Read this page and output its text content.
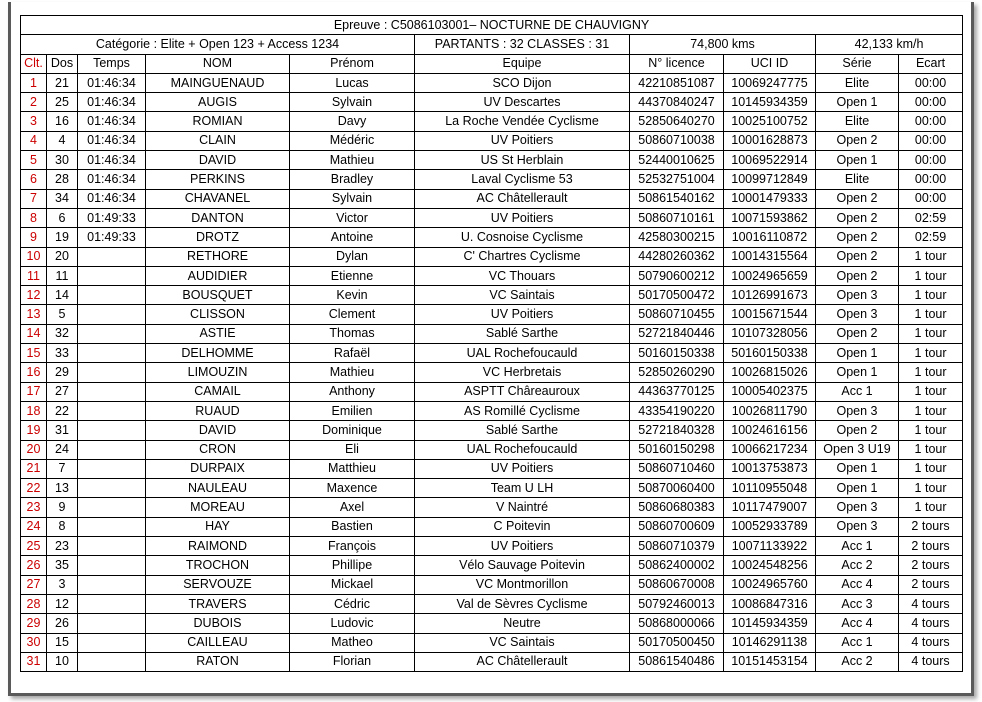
Epreuve : C5086103001– NOCTURNE DE CHAUVIGNY									
Catégorie : Elite + Open 123 + Access 1234					PARTANTS : 32 CLASSES : 31	74,800 kms		42,133 km/h	
Clt.	Dos	Temps	NOM	Prénom	Equipe	N° licence	UCI ID	Série	Ecart
1	21	01:46:34	MAINGUENAUD	Lucas	SCO Dijon	42210851087	10069247775	Elite	00:00
2	25	01:46:34	AUGIS	Sylvain	UV Descartes	44370840247	10145934359	Open 1	00:00
3	16	01:46:34	ROMIAN	Davy	La Roche Vendée Cyclisme	52850640270	10025100752	Elite	00:00
4	4	01:46:34	CLAIN	Médéric	UV Poitiers	50860710038	10001628873	Open 2	00:00
5	30	01:46:34	DAVID	Mathieu	US St Herblain	52440010625	10069522914	Open 1	00:00
6	28	01:46:34	PERKINS	Bradley	Laval Cyclisme 53	52532751004	10099712849	Elite	00:00
7	34	01:46:34	CHAVANEL	Sylvain	AC Châtellerault	50861540162	10001479333	Open 2	00:00
8	6	01:49:33	DANTON	Victor	UV Poitiers	50860710161	10071593862	Open 2	02:59
9	19	01:49:33	DROTZ	Antoine	U. Cosnoise Cyclisme	42580300215	10016110872	Open 2	02:59
10	20		RETHORE	Dylan	C' Chartres Cyclisme	44280260362	10014315564	Open 2	1 tour
11	11		AUDIDIER	Etienne	VC Thouars	50790600212	10024965659	Open 2	1 tour
12	14		BOUSQUET	Kevin	VC Saintais	50170500472	10126991673	Open 3	1 tour
13	5		CLISSON	Clement	UV Poitiers	50860710455	10015671544	Open 3	1 tour
14	32		ASTIE	Thomas	Sablé Sarthe	52721840446	10107328056	Open 2	1 tour
15	33		DELHOMME	Rafaël	UAL Rochefoucauld	50160150338	50160150338	Open 1	1 tour
16	29		LIMOUZIN	Mathieu	VC Herbretais	52850260290	10026815026	Open 1	1 tour
17	27		CAMAIL	Anthony	ASPTT Châreauroux	44363770125	10005402375	Acc 1	1 tour
18	22		RUAUD	Emilien	AS Romillé Cyclisme	43354190220	10026811790	Open 3	1 tour
19	31		DAVID	Dominique	Sablé Sarthe	52721840328	10024616156	Open 2	1 tour
20	24		CRON	Eli	UAL Rochefoucauld	50160150298	10066217234	Open 3 U19	1 tour
21	7		DURPAIX	Matthieu	UV Poitiers	50860710460	10013753873	Open 1	1 tour
22	13		NAULEAU	Maxence	Team U LH	50870060400	10110955048	Open 1	1 tour
23	9		MOREAU	Axel	V Naintré	50860680383	10117479007	Open 3	1 tour
24	8		HAY	Bastien	C Poitevin	50860700609	10052933789	Open 3	2 tours
25	23		RAIMOND	François	UV Poitiers	50860710379	10071133922	Acc 1	2 tours
26	35		TROCHON	Phillipe	Vélo Sauvage Poitevin	50862400002	10024548256	Acc 2	2 tours
27	3		SERVOUZE	Mickael	VC Montmorillon	50860670008	10024965760	Acc 4	2 tours
28	12		TRAVERS	Cédric	Val de Sèvres Cyclisme	50792460013	10086847316	Acc 3	4 tours
29	26		DUBOIS	Ludovic	Neutre	50868000066	10145934359	Acc 4	4 tours
30	15		CAILLEAU	Matheo	VC Saintais	50170500450	10146291138	Acc 1	4 tours
31	10		RATON	Florian	AC Châtellerault	50861540486	10151453154	Acc 2	4 tours
